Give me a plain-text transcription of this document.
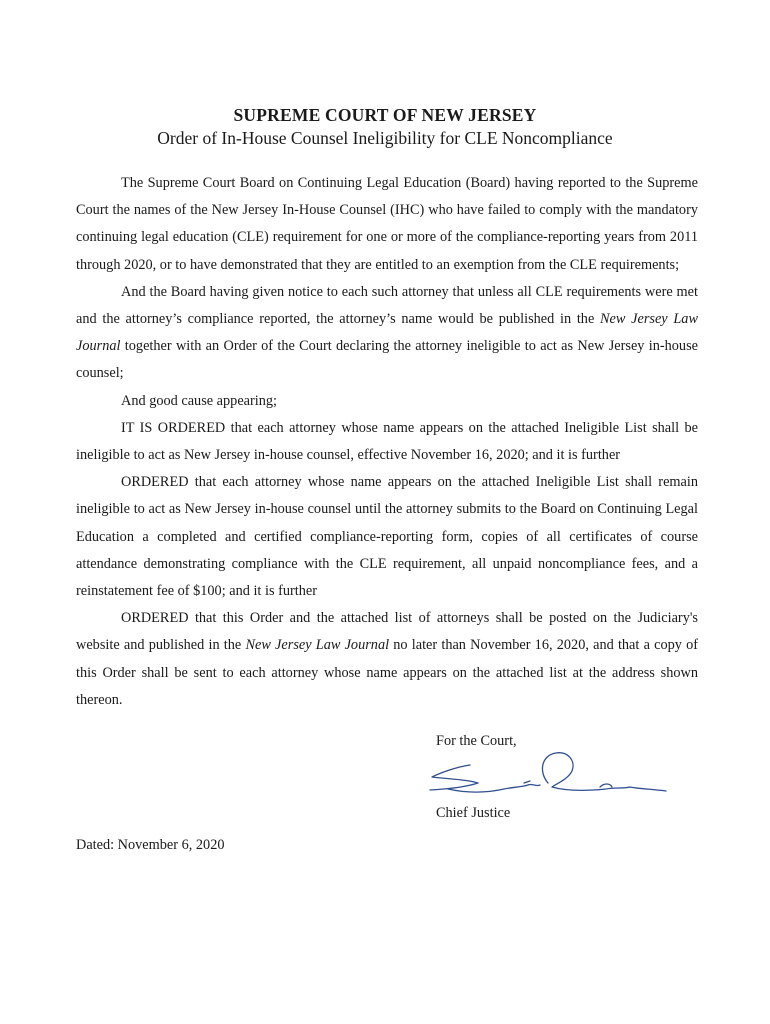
SUPREME COURT OF NEW JERSEY
Order of In-House Counsel Ineligibility for CLE Noncompliance

The Supreme Court Board on Continuing Legal Education (Board) having reported to the Supreme Court the names of the New Jersey In-House Counsel (IHC) who have failed to comply with the mandatory continuing legal education (CLE) requirement for one or more of the compliance-reporting years from 2011 through 2020, or to have demonstrated that they are entitled to an exemption from the CLE requirements;

And the Board having given notice to each such attorney that unless all CLE requirements were met and the attorney’s compliance reported, the attorney’s name would be published in the New Jersey Law Journal together with an Order of the Court declaring the attorney ineligible to act as New Jersey in-house counsel;

And good cause appearing;

IT IS ORDERED that each attorney whose name appears on the attached Ineligible List shall be ineligible to act as New Jersey in-house counsel, effective November 16, 2020; and it is further

ORDERED that each attorney whose name appears on the attached Ineligible List shall remain ineligible to act as New Jersey in-house counsel until the attorney submits to the Board on Continuing Legal Education a completed and certified compliance-reporting form, copies of all certificates of course attendance demonstrating compliance with the CLE requirement, all unpaid noncompliance fees, and a reinstatement fee of $100; and it is further

ORDERED that this Order and the attached list of attorneys shall be posted on the Judiciary's website and published in the New Jersey Law Journal no later than November 16, 2020, and that a copy of this Order shall be sent to each attorney whose name appears on the attached list at the address shown thereon.

For the Court,
Chief Justice
Dated: November 6, 2020
